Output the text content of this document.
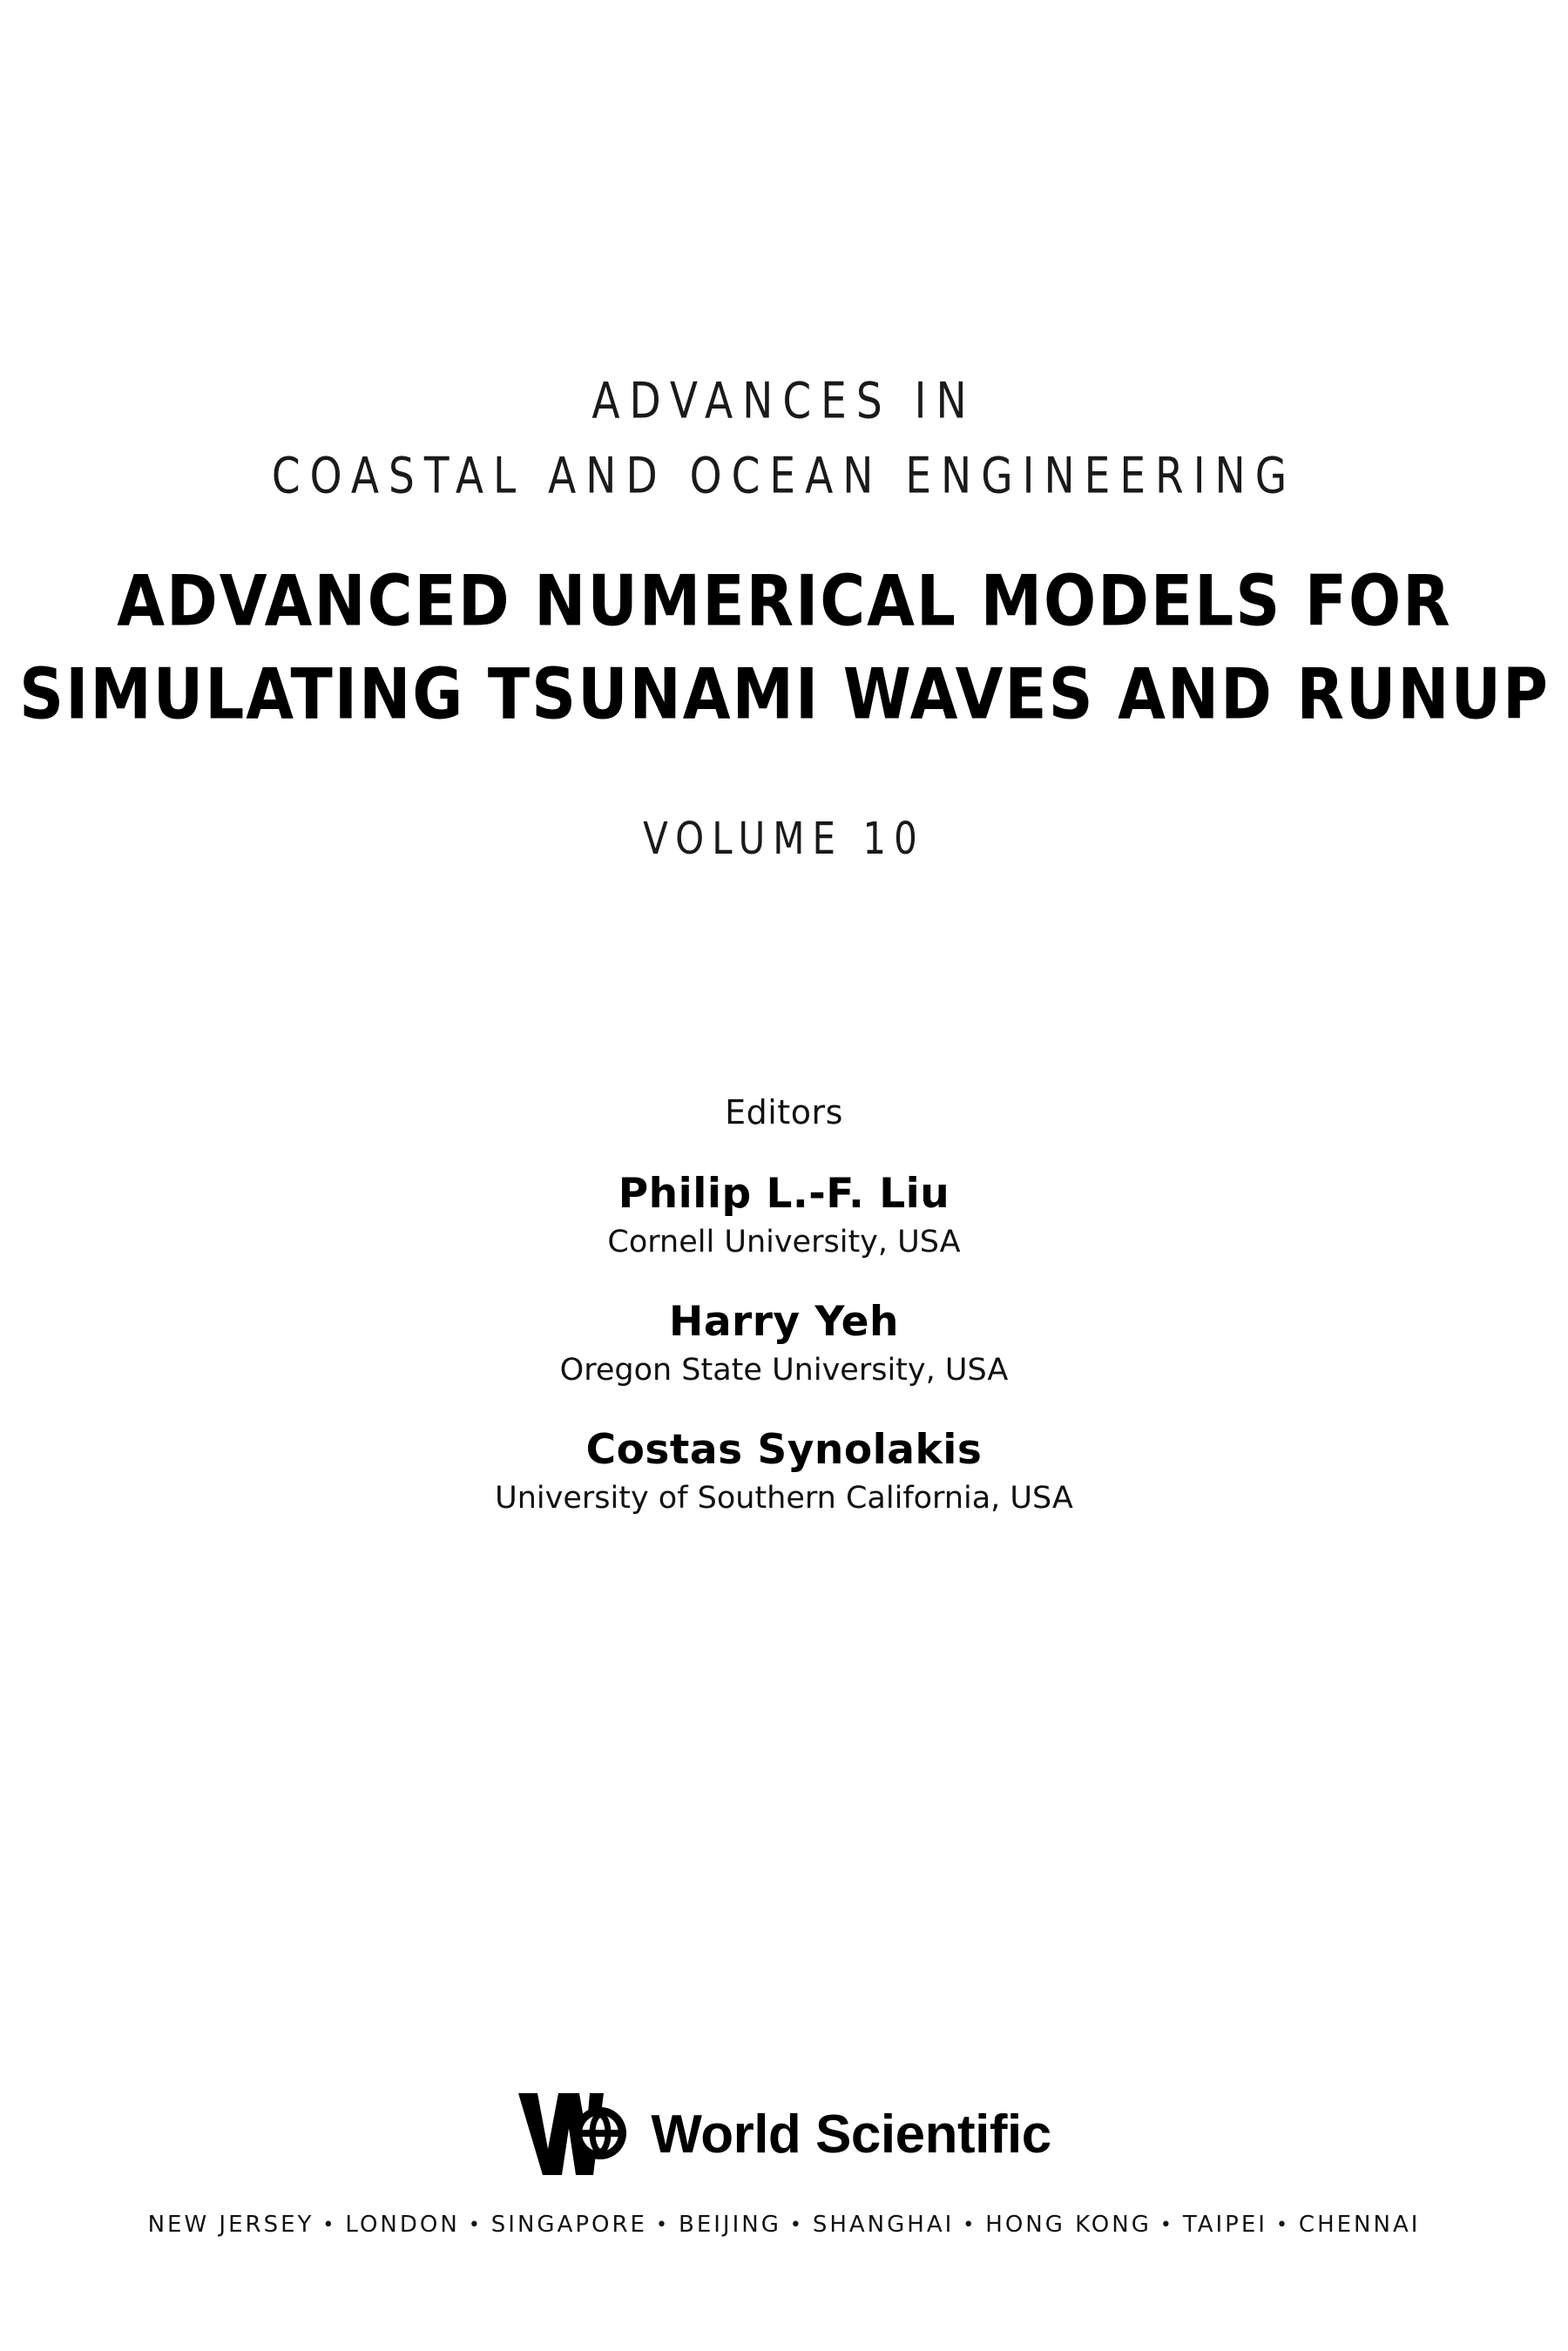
ADVANCES IN
COASTAL AND OCEAN ENGINEERING
ADVANCED NUMERICAL MODELS FOR
SIMULATING TSUNAMI WAVES AND RUNUP
VOLUME 10
Editors
Philip L.-F. Liu
Cornell University, USA
Harry Yeh
Oregon State University, USA
Costas Synolakis
University of Southern California, USA
World Scientific
NEW JERSEY • LONDON • SINGAPORE • BEIJING • SHANGHAI • HONG KONG • TAIPEI • CHENNAI
